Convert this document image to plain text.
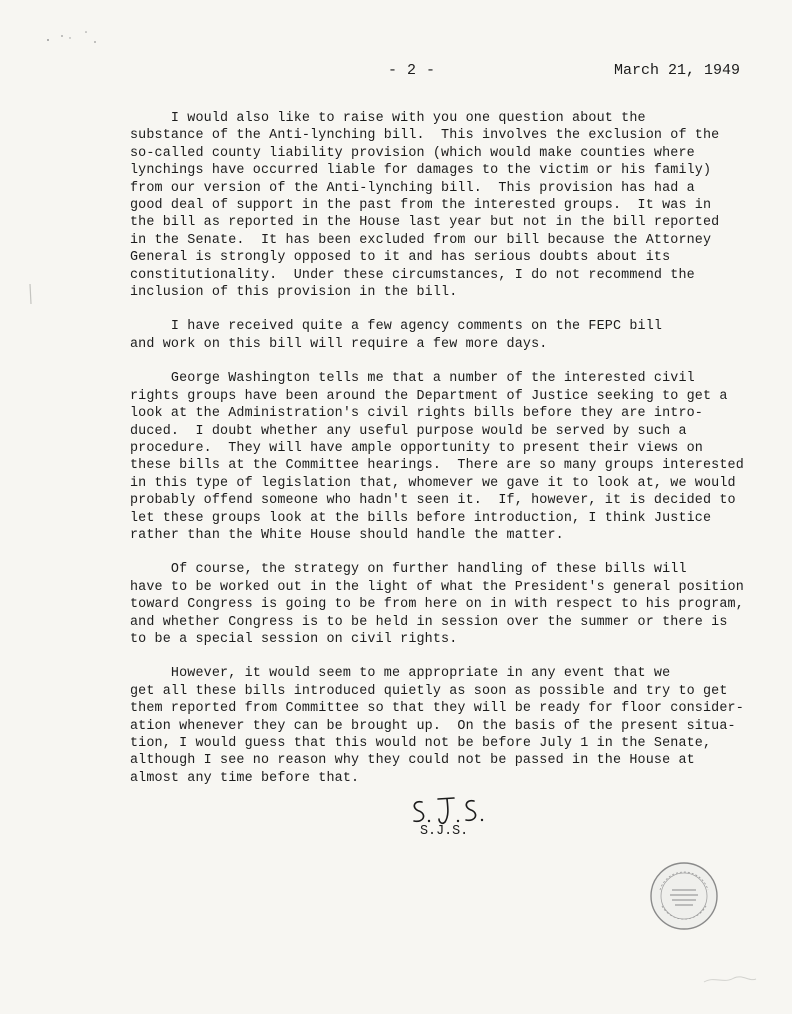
- 2 -	March 21, 1949
I would also like to raise with you one question about the
substance of the Anti-lynching bill.  This involves the exclusion of the
so-called county liability provision (which would make counties where
lynchings have occurred liable for damages to the victim or his family)
from our version of the Anti-lynching bill.  This provision has had a
good deal of support in the past from the interested groups.  It was in
the bill as reported in the House last year but not in the bill reported
in the Senate.  It has been excluded from our bill because the Attorney
General is strongly opposed to it and has serious doubts about its
constitutionality.  Under these circumstances, I do not recommend the
inclusion of this provision in the bill.
I have received quite a few agency comments on the FEPC bill
and work on this bill will require a few more days.
George Washington tells me that a number of the interested civil
rights groups have been around the Department of Justice seeking to get a
look at the Administration's civil rights bills before they are intro-
duced.  I doubt whether any useful purpose would be served by such a
procedure.  They will have ample opportunity to present their views on
these bills at the Committee hearings.  There are so many groups interested
in this type of legislation that, whomever we gave it to look at, we would
probably offend someone who hadn't seen it.  If, however, it is decided to
let these groups look at the bills before introduction, I think Justice
rather than the White House should handle the matter.
Of course, the strategy on further handling of these bills will
have to be worked out in the light of what the President's general position
toward Congress is going to be from here on in with respect to his program,
and whether Congress is to be held in session over the summer or there is
to be a special session on civil rights.
However, it would seem to me appropriate in any event that we
get all these bills introduced quietly as soon as possible and try to get
them reported from Committee so that they will be ready for floor consider-
ation whenever they can be brought up.  On the basis of the present situa-
tion, I would guess that this would not be before July 1 in the Senate,
although I see no reason why they could not be passed in the House at
almost any time before that.
S.J.S.
